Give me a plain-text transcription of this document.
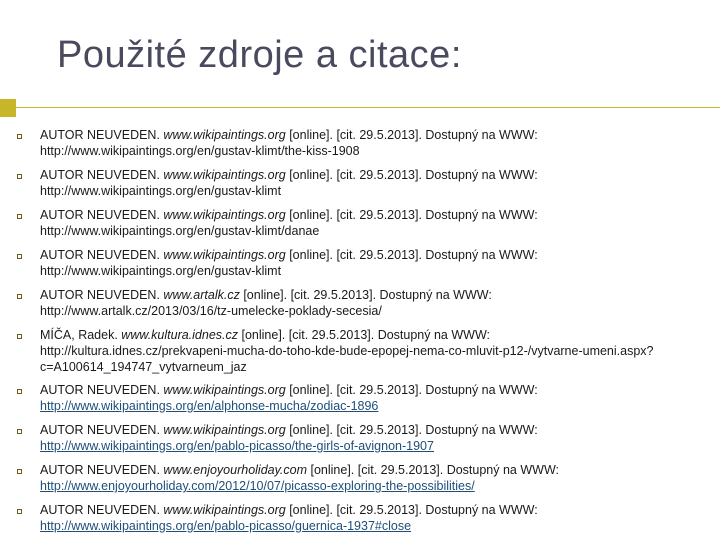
Použité zdroje a citace:
AUTOR NEUVEDEN. www.wikipaintings.org [online]. [cit. 29.5.2013]. Dostupný na WWW:
http://www.wikipaintings.org/en/gustav-klimt/the-kiss-1908
AUTOR NEUVEDEN. www.wikipaintings.org [online]. [cit. 29.5.2013]. Dostupný na WWW:
http://www.wikipaintings.org/en/gustav-klimt
AUTOR NEUVEDEN. www.wikipaintings.org [online]. [cit. 29.5.2013]. Dostupný na WWW:
http://www.wikipaintings.org/en/gustav-klimt/danae
AUTOR NEUVEDEN. www.wikipaintings.org [online]. [cit. 29.5.2013]. Dostupný na WWW:
http://www.wikipaintings.org/en/gustav-klimt
AUTOR NEUVEDEN. www.artalk.cz [online]. [cit. 29.5.2013]. Dostupný na WWW:
http://www.artalk.cz/2013/03/16/tz-umelecke-poklady-secesia/
MÍČA, Radek. www.kultura.idnes.cz [online]. [cit. 29.5.2013]. Dostupný na WWW:
http://kultura.idnes.cz/prekvapeni-mucha-do-toho-kde-bude-epopej-nema-co-mluvit-p12-/vytvarne-umeni.aspx?c=A100614_194747_vytvarneum_jaz
AUTOR NEUVEDEN. www.wikipaintings.org [online]. [cit. 29.5.2013]. Dostupný na WWW:
http://www.wikipaintings.org/en/alphonse-mucha/zodiac-1896
AUTOR NEUVEDEN. www.wikipaintings.org [online]. [cit. 29.5.2013]. Dostupný na WWW:
http://www.wikipaintings.org/en/pablo-picasso/the-girls-of-avignon-1907
AUTOR NEUVEDEN. www.enjoyourholiday.com [online]. [cit. 29.5.2013]. Dostupný na WWW:
http://www.enjoyourholiday.com/2012/10/07/picasso-exploring-the-possibilities/
AUTOR NEUVEDEN. www.wikipaintings.org [online]. [cit. 29.5.2013]. Dostupný na WWW:
http://www.wikipaintings.org/en/pablo-picasso/guernica-1937#close
